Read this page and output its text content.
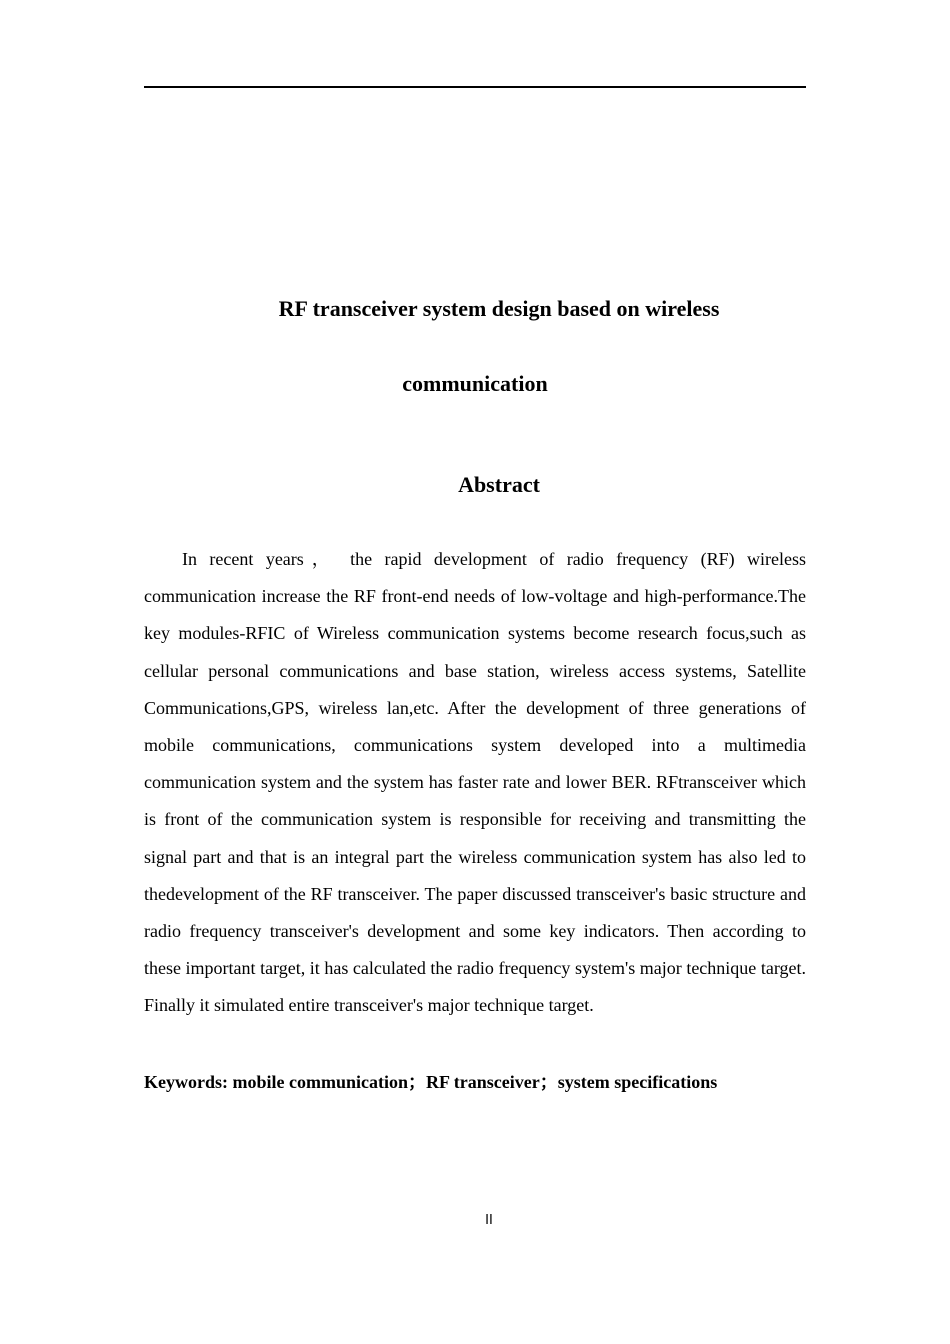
RF transceiver system design based on wireless
communication
Abstract

In recent years， the rapid development of radio frequency (RF) wireless communication increase the RF front-end needs of low-voltage and high-performance.The key modules-RFIC of Wireless communication systems become research focus,such as cellular personal communications and base station, wireless access systems, Satellite Communications,GPS, wireless lan,etc. After the development of three generations of mobile communications, communications system developed into a multimedia communication system and the system has faster rate and lower BER. RFtransceiver which is front of the communication system is responsible for receiving and transmitting the signal part and that is an integral part the wireless communication system has also led to thedevelopment of the RF transceiver. The paper discussed transceiver's basic structure and radio frequency transceiver's development and some key indicators. Then according to these important target, it has calculated the radio frequency system's major technique target. Finally it simulated entire transceiver's major technique target.

Keywords: mobile communication；RF transceiver；system specifications
II
